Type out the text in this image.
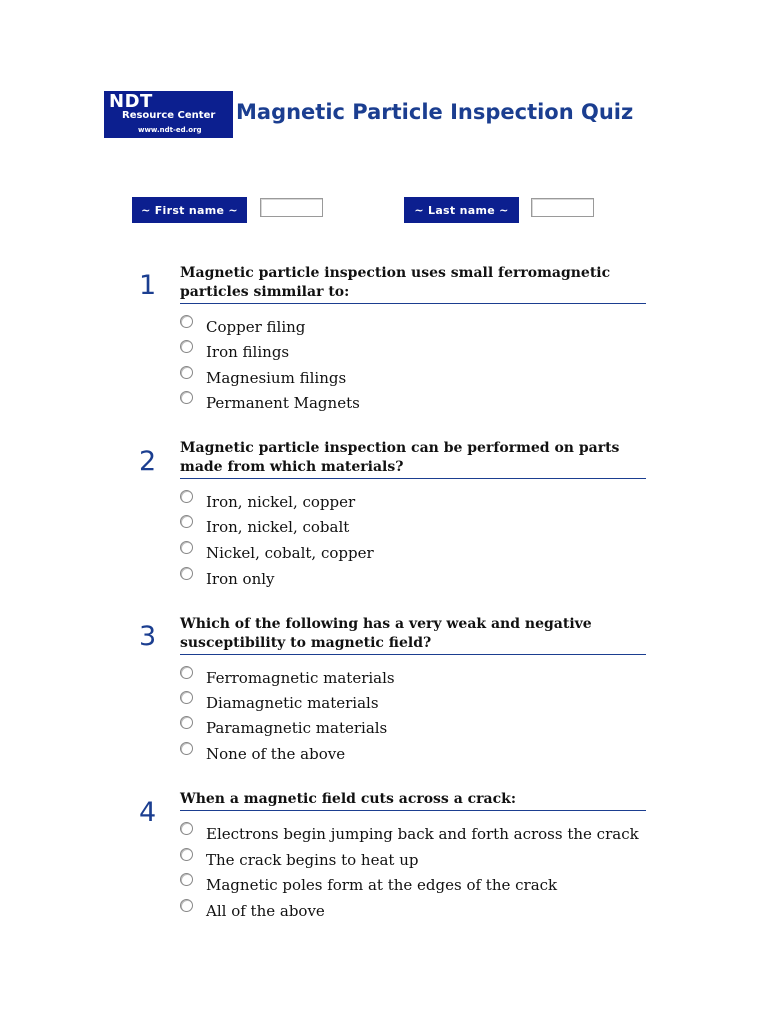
NDT
Resource Center
www.ndt-ed.org
Magnetic Particle Inspection Quiz
~ First name ~	~ Last name ~
1 Magnetic particle inspection uses small ferromagnetic particles simmilar to:
Copper filing
Iron filings
Magnesium filings
Permanent Magnets
2 Magnetic particle inspection can be performed on parts made from which materials?
Iron, nickel, copper
Iron, nickel, cobalt
Nickel, cobalt, copper
Iron only
3 Which of the following has a very weak and negative susceptibility to magnetic field?
Ferromagnetic materials
Diamagnetic materials
Paramagnetic materials
None of the above
4 When a magnetic field cuts across a crack:
Electrons begin jumping back and forth across the crack
The crack begins to heat up
Magnetic poles form at the edges of the crack
All of the above
